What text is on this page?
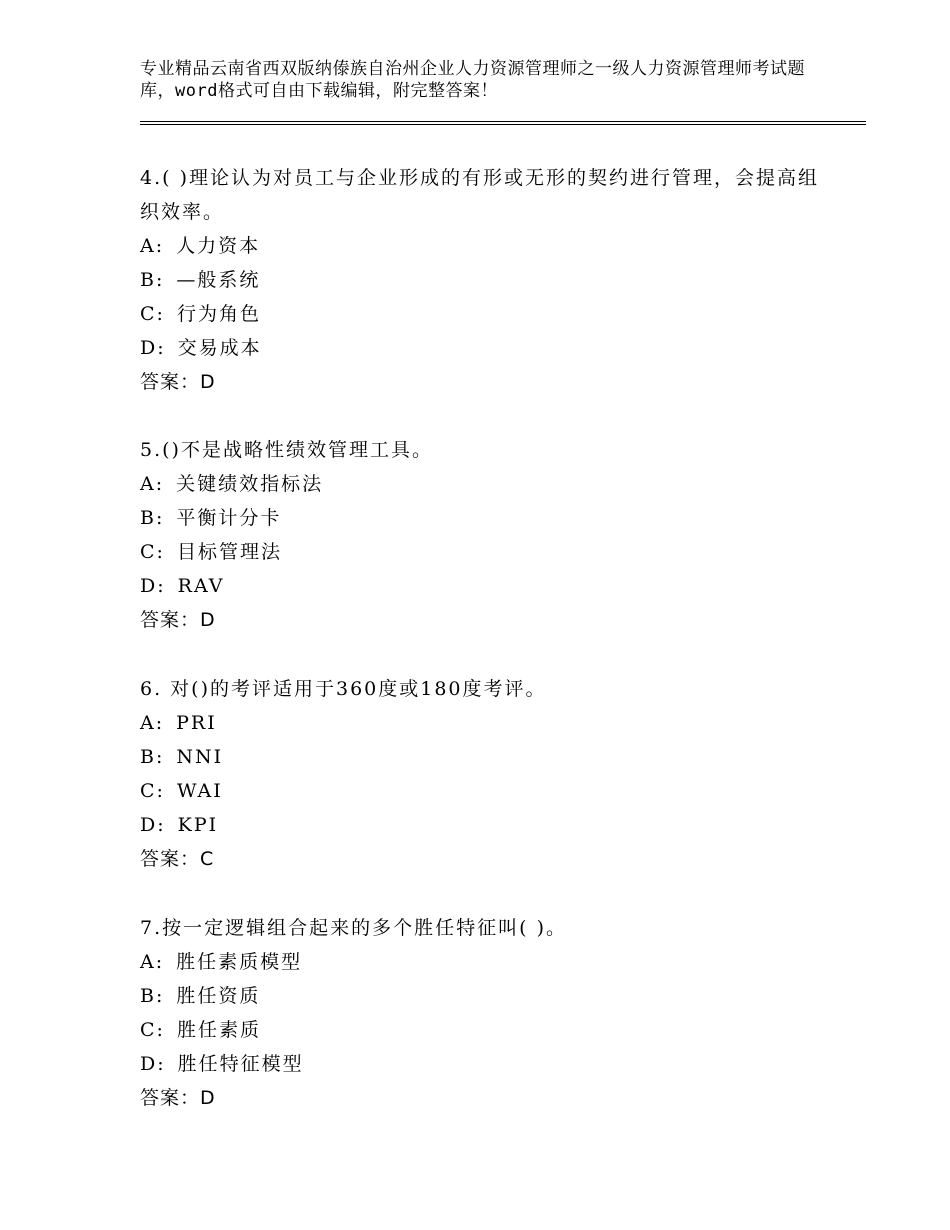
专业精品云南省西双版纳傣族自治州企业人力资源管理师之一级人力资源管理师考试题库，word格式可自由下载编辑，附完整答案！

4.( )理论认为对员工与企业形成的有形或无形的契约进行管理，会提高组织效率。

A: 人力资本
B: —般系统
C: 行为角色
D: 交易成本
答案：D

5.()不是战略性绩效管理工具。

A: 关键绩效指标法
B: 平衡计分卡
C: 目标管理法
D: RAV
答案：D

6. 对()的考评适用于360度或180度考评。

A: PRI
B: NNI
C: WAI
D: KPI
答案：C

7.按一定逻辑组合起来的多个胜任特征叫( )。

A: 胜任素质模型
B: 胜任资质
C: 胜任素质
D: 胜任特征模型
答案：D
